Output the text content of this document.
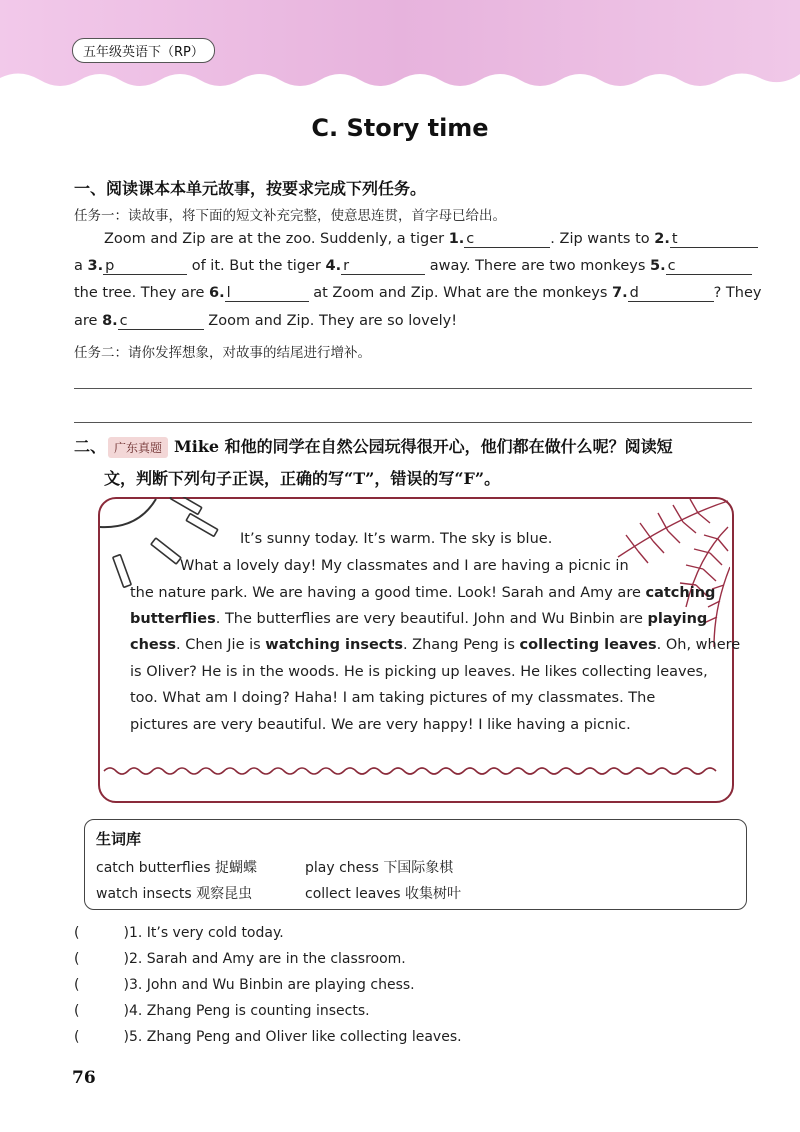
五年级英语下（RP）
C. Story time
一、阅读课本本单元故事，按要求完成下列任务。
任务一：读故事，将下面的短文补充完整，使意思连贯，首字母已给出。
Zoom and Zip are at the zoo. Suddenly, a tiger 1. c	. Zip wants to 2. t
a 3. p	of it. But the tiger 4. r	away. There are two monkeys 5. c
the tree. They are 6. l	at Zoom and Zip. What are the monkeys 7. d	? They
are 8. c	Zoom and Zip. They are so lovely!
任务二：请你发挥想象，对故事的结尾进行增补。
二、 广东真题 Mike 和他的同学在自然公园玩得很开心，他们都在做什么呢？阅读短
文，判断下列句子正误，正确的写“T”，错误的写“F”。
It’s sunny today. It’s warm. The sky is blue.
What a lovely day! My classmates and I are having a picnic in
the nature park. We are having a good time. Look! Sarah and Amy are catching
butterflies. The butterflies are very beautiful. John and Wu Binbin are playing
chess. Chen Jie is watching insects. Zhang Peng is collecting leaves. Oh, where
is Oliver? He is in the woods. He is picking up leaves. He likes collecting leaves,
too. What am I doing? Haha! I am taking pictures of my classmates. The
pictures are very beautiful. We are very happy! I like having a picnic.
生词库
catch butterflies 捉蝴蝶	play chess 下国际象棋
watch insects 观察昆虫	collect leaves 收集树叶
(	)1. It’s very cold today.
(	)2. Sarah and Amy are in the classroom.
(	)3. John and Wu Binbin are playing chess.
(	)4. Zhang Peng is counting insects.
(	)5. Zhang Peng and Oliver like collecting leaves.
76
